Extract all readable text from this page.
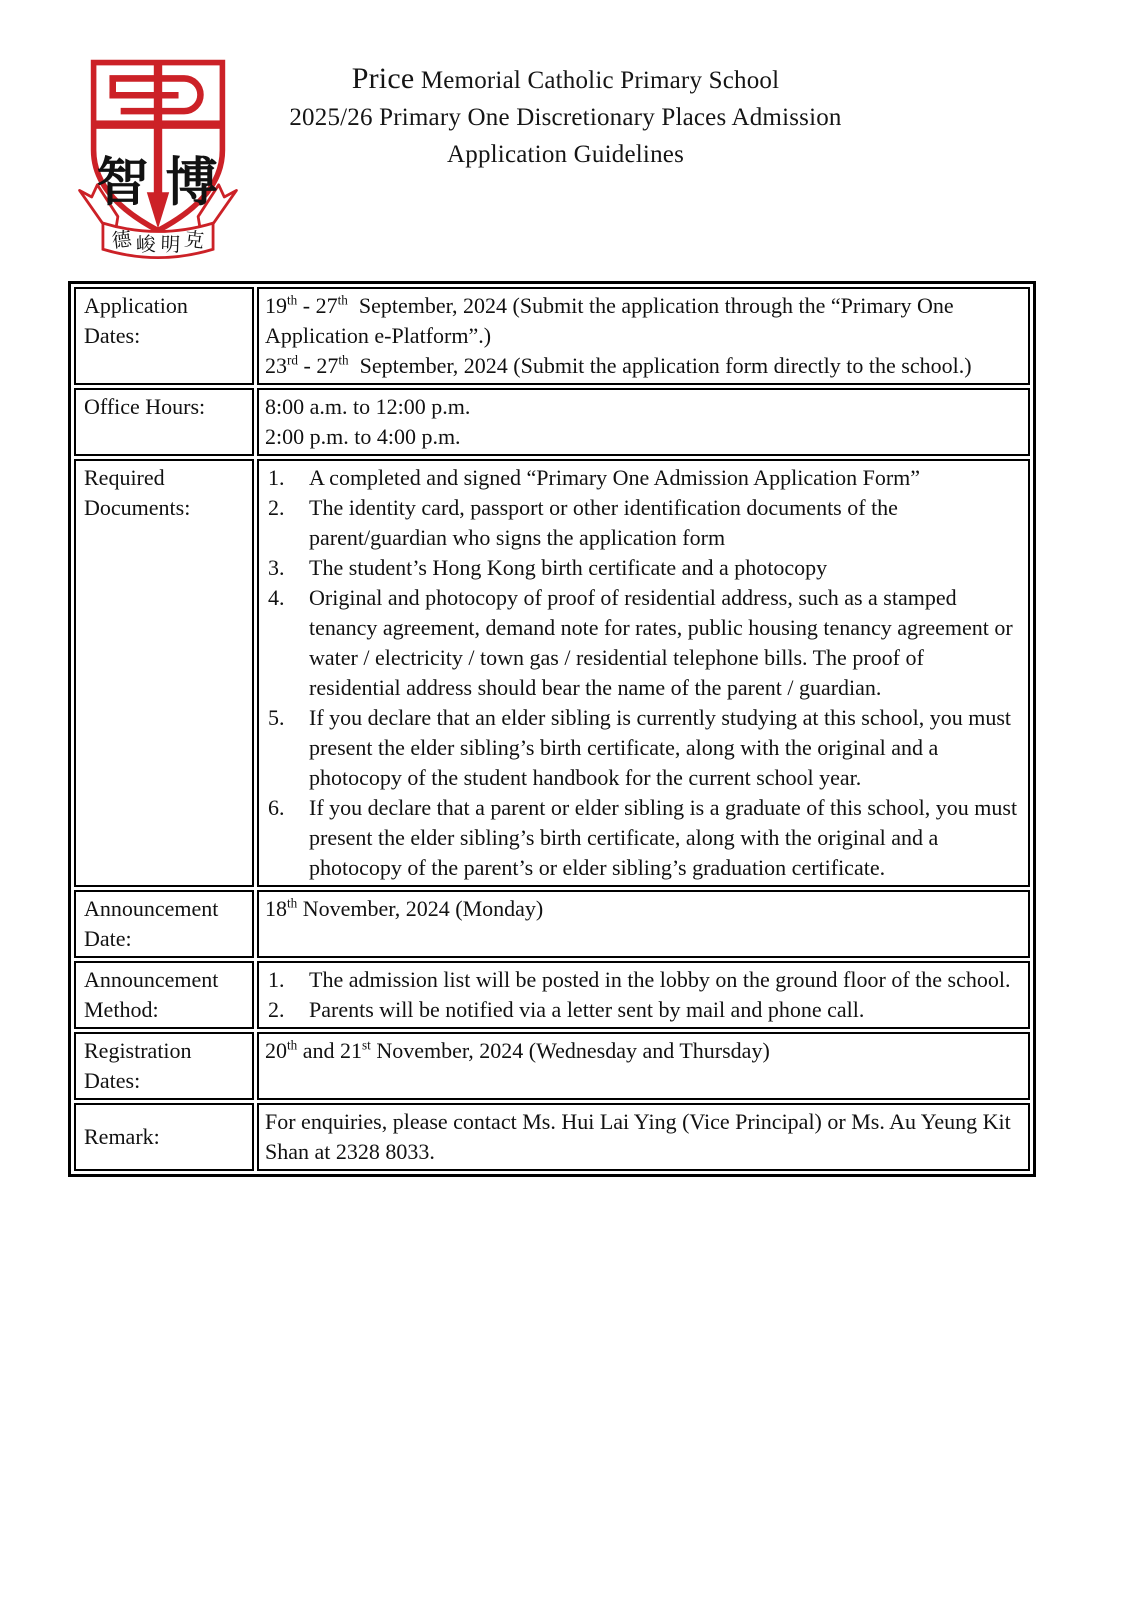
智 博
德 峻 明 克
Price Memorial Catholic Primary School
2025/26 Primary One Discretionary Places Admission
Application Guidelines
Application Dates:	19th - 27th  September, 2024 (Submit the application through the “Primary One Application e-Platform”.)

23rd - 27th  September, 2024 (Submit the application form directly to the school.)

Office Hours:	8:00 a.m. to 12:00 p.m.

2:00 p.m. to 4:00 p.m.

Required Documents:	
1.	A completed and signed “Primary One Admission Application Form”
2.	The identity card, passport or other identification documents of the parent/guardian who signs the application form
3.	The student’s Hong Kong birth certificate and a photocopy
4.	Original and photocopy of proof of residential address, such as a stamped tenancy agreement, demand note for rates, public housing tenancy agreement or water / electricity / town gas / residential telephone bills. The proof of residential address should bear the name of the parent / guardian.
5.	If you declare that an elder sibling is currently studying at this school, you must present the elder sibling’s birth certificate, along with the original and a photocopy of the student handbook for the current school year.
6.	If you declare that a parent or elder sibling is a graduate of this school, you must present the elder sibling’s birth certificate, along with the original and a photocopy of the parent’s or elder sibling’s graduation certificate.

Announcement Date:	18th November, 2024 (Monday)

Announcement Method:	1. The admission list will be posted in the lobby on the ground floor of the school.
2. Parents will be notified via a letter sent by mail and phone call.

Registration Dates:	20th and 21st November, 2024 (Wednesday and Thursday)

Remark:	For enquiries, please contact Ms. Hui Lai Ying (Vice Principal) or Ms. Au Yeung Kit Shan at 2328 8033.
